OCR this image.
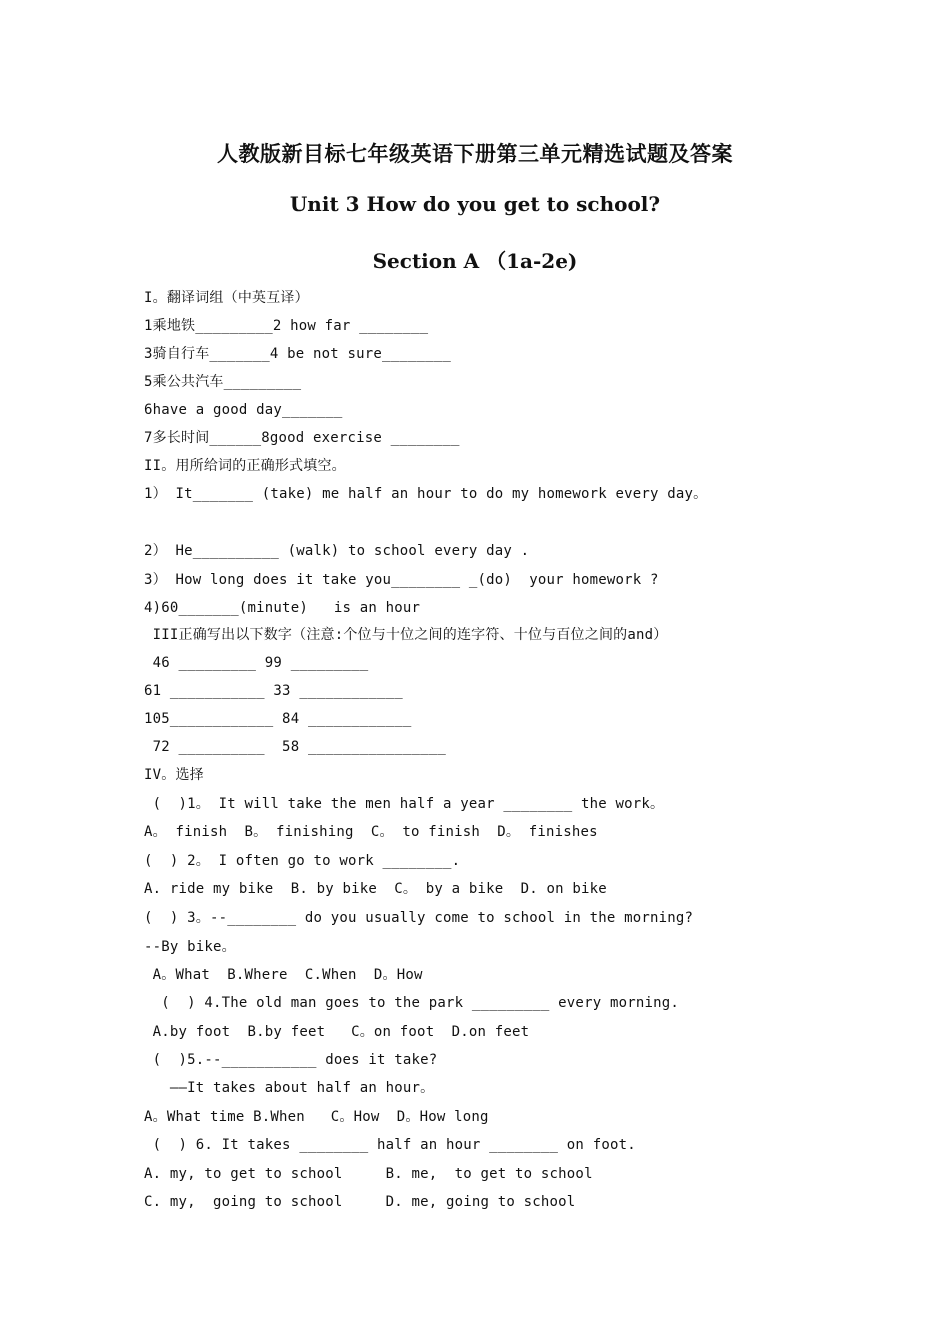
人教版新目标七年级英语下册第三单元精选试题及答案
Unit 3 How do you get to school?
Section A （1a-2e)
I。翻译词组（中英互译）
1乘地铁_________2 how far ________
3骑自行车_______4 be not sure________
5乘公共汽车_________
6have a good day_______
7多长时间______8good exercise ________
II。用所给词的正确形式填空。
1） It_______ (take) me half an hour to do my homework every day。
2） He__________ (walk) to school every day .
3） How long does it take you________ _(do)  your homework ?
4)60_______(minute)   is an hour
III正确写出以下数字（注意:个位与十位之间的连字符、十位与百位之间的and）
46 _________ 99 _________
61 ___________ 33 ____________
105____________ 84 ____________
72 __________  58 ________________
IV。选择
(  )1。 It will take the men half a year ________ the work。
A。 finish  B。 finishing  C。 to finish  D。 finishes
(  ) 2。 I often go to work ________.
A. ride my bike  B. by bike  C。 by a bike  D. on bike
(  ) 3。--________ do you usually come to school in the morning?
--By bike。
A。What  B.Where  C.When  D。How
(  ) 4.The old man goes to the park _________ every morning.
A.by foot  B.by feet   C。on foot  D.on feet
(  )5.--___________ does it take?
——It takes about half an hour。
A。What time B.When   C。How  D。How long
(  ) 6. It takes ________ half an hour ________ on foot.
A. my, to get to school     B. me,  to get to school
C. my,  going to school     D. me, going to school
